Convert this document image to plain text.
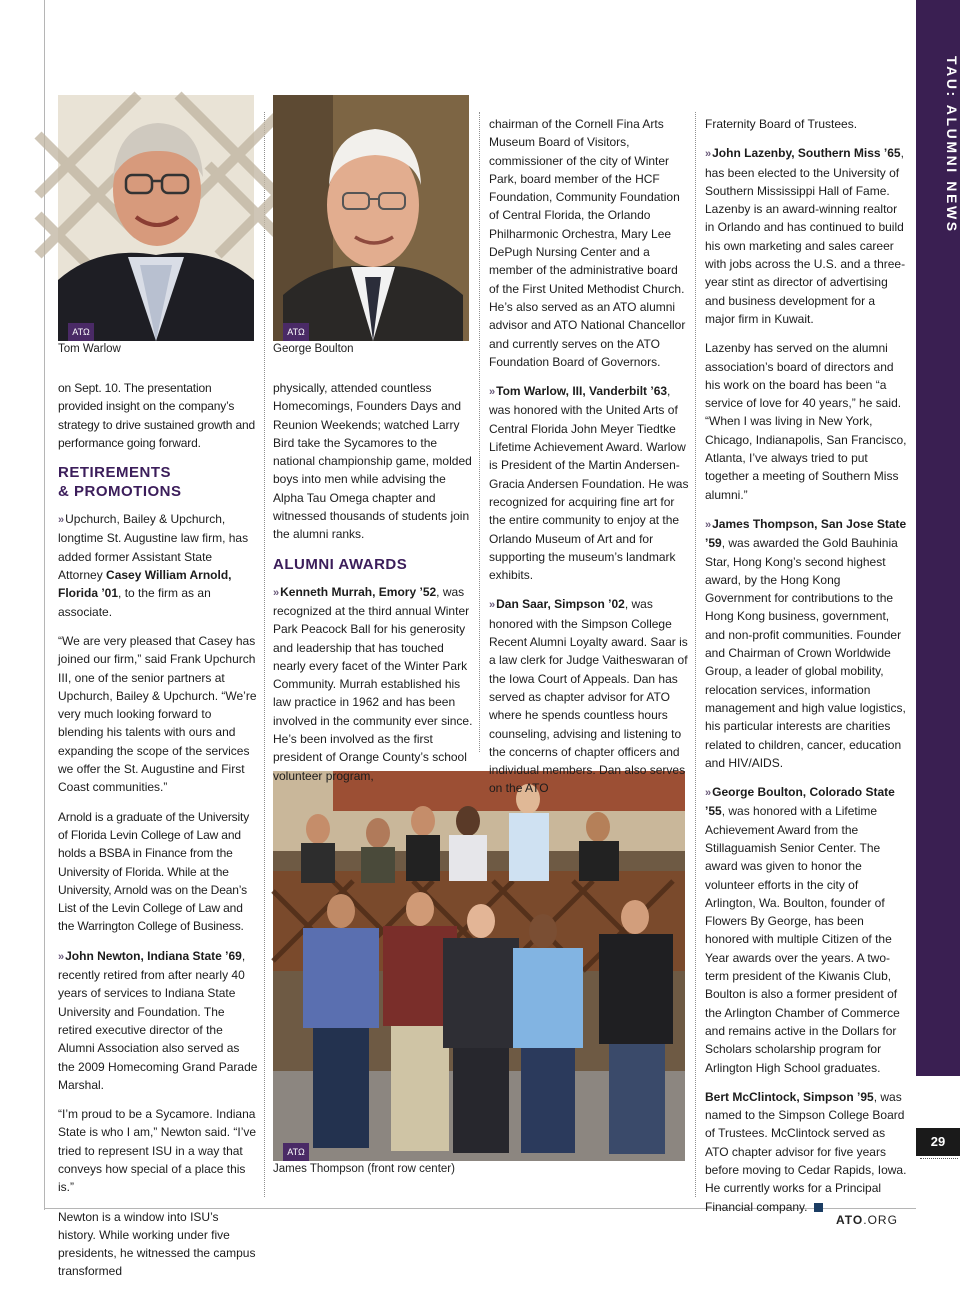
TAU: ALUMNI NEWS
29
ATO.ORG
ΑΤΩ
Tom Warlow
ΑΤΩ
George Boulton
ΑΤΩ
James Thompson (front row center)

on Sept. 10. The presentation provided insight on the company’s strategy to drive sustained growth and performance going forward.

RETIREMENTS
& PROMOTIONS

» Upchurch, Bailey & Upchurch, longtime St. Augustine law firm, has added former Assistant State Attorney Casey William Arnold, Florida ’01, to the firm as an associate.

“We are very pleased that Casey has joined our firm,” said Frank Upchurch III, one of the senior partners at Upchurch, Bailey & Upchurch. “We’re very much looking forward to blending his talents with ours and expanding the scope of the services we offer the St. Augustine and First Coast communities.”

Arnold is a graduate of the University of Florida Levin College of Law and holds a BSBA in Finance from the University of Florida. While at the University, Arnold was on the Dean’s List of the Levin College of Law and the Warrington College of Business.

» John Newton, Indiana State ’69, recently retired from after nearly 40 years of services to Indiana State University and Foundation. The retired executive director of the Alumni Association also served as the 2009 Homecoming Grand Parade Marshal.

“I’m proud to be a Sycamore. Indiana State is who I am,” Newton said. “I’ve tried to represent ISU in a way that conveys how special of a place this is.”

Newton is a window into ISU’s history. While working under five presidents, he witnessed the campus transformed

physically, attended countless Homecomings, Founders Days and Reunion Weekends; watched Larry Bird take the Sycamores to the national championship game, molded boys into men while advising the Alpha Tau Omega chapter and witnessed thousands of students join the alumni ranks.

ALUMNI AWARDS

» Kenneth Murrah, Emory ’52, was recognized at the third annual Winter Park Peacock Ball for his generosity and leadership that has touched nearly every facet of the Winter Park Community. Murrah established his law practice in 1962 and has been involved in the community ever since. He’s been involved as the first president of Orange County’s school volunteer program,

chairman of the Cornell Fina Arts Museum Board of Visitors, commissioner of the city of Winter Park, board member of the HCF Foundation, Community Foundation of Central Florida, the Orlando Philharmonic Orchestra, Mary Lee DePugh Nursing Center and a member of the administrative board of the First United Methodist Church. He’s also served as an ATO alumni advisor and ATO National Chancellor and currently serves on the ATO Foundation Board of Governors.

» Tom Warlow, III, Vanderbilt ’63, was honored with the United Arts of Central Florida John Meyer Tiedtke Lifetime Achievement Award. Warlow is President of the Martin Andersen-Gracia Andersen Foundation. He was recognized for acquiring fine art for the entire community to enjoy at the Orlando Museum of Art and for supporting the museum’s landmark exhibits.

» Dan Saar, Simpson ’02, was honored with the Simpson College Recent Alumni Loyalty award. Saar is a law clerk for Judge Vaitheswaran of the Iowa Court of Appeals. Dan has served as chapter advisor for ATO where he spends countless hours counseling, advising and listening to the concerns of chapter officers and individual members. Dan also serves on the ATO

Fraternity Board of Trustees.

» John Lazenby, Southern Miss ’65, has been elected to the University of Southern Mississippi Hall of Fame. Lazenby is an award-winning realtor in Orlando and has continued to build his own marketing and sales career with jobs across the U.S. and a three-year stint as director of advertising and business development for a major firm in Kuwait.

Lazenby has served on the alumni association’s board of directors and his work on the board has been “a service of love for 40 years,” he said. “When I was living in New York, Chicago, Indianapolis, San Francisco, Atlanta, I’ve always tried to put together a meeting of Southern Miss alumni.”

» James Thompson, San Jose State ’59, was awarded the Gold Bauhinia Star, Hong Kong’s second highest award, by the Hong Kong Government for contributions to the Hong Kong business, government, and non-profit communities. Founder and Chairman of Crown Worldwide Group, a leader of global mobility, relocation services, information management and high value logistics, his particular interests are charities related to children, cancer, education and HIV/AIDS.

» George Boulton, Colorado State ’55, was honored with a Lifetime Achievement Award from the Stillaguamish Senior Center. The award was given to honor the volunteer efforts in the city of Arlington, Wa. Boulton, founder of Flowers By George, has been honored with multiple Citizen of the Year awards over the years. A two-term president of the Kiwanis Club, Boulton is also a former president of the Arlington Chamber of Commerce and remains active in the Dollars for Scholars scholarship program for Arlington High School graduates.

Bert McClintock, Simpson ’95, was named to the Simpson College Board of Trustees. McClintock served as ATO chapter advisor for five years before moving to Cedar Rapids, Iowa. He currently works for a Principal Financial company.
